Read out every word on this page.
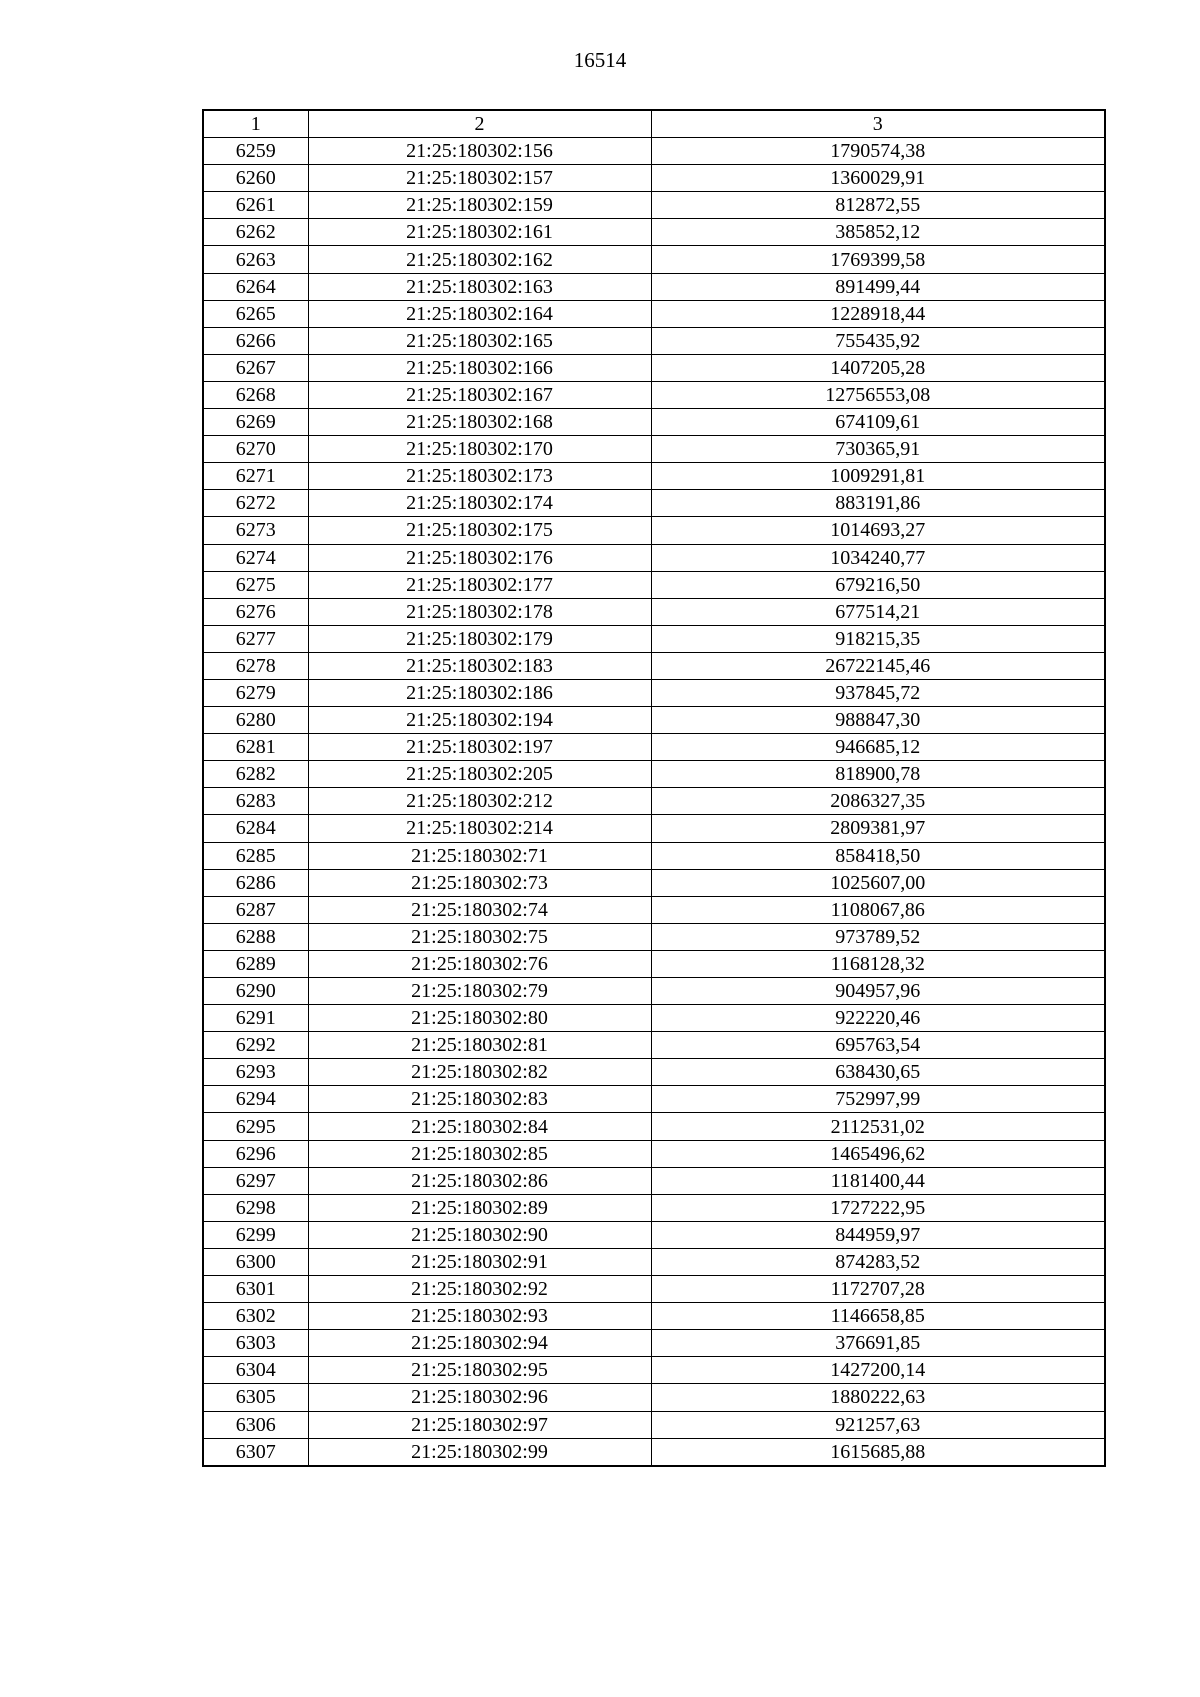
16514
1	2	3
6259	21:25:180302:156	1790574,38
6260	21:25:180302:157	1360029,91
6261	21:25:180302:159	812872,55
6262	21:25:180302:161	385852,12
6263	21:25:180302:162	1769399,58
6264	21:25:180302:163	891499,44
6265	21:25:180302:164	1228918,44
6266	21:25:180302:165	755435,92
6267	21:25:180302:166	1407205,28
6268	21:25:180302:167	12756553,08
6269	21:25:180302:168	674109,61
6270	21:25:180302:170	730365,91
6271	21:25:180302:173	1009291,81
6272	21:25:180302:174	883191,86
6273	21:25:180302:175	1014693,27
6274	21:25:180302:176	1034240,77
6275	21:25:180302:177	679216,50
6276	21:25:180302:178	677514,21
6277	21:25:180302:179	918215,35
6278	21:25:180302:183	26722145,46
6279	21:25:180302:186	937845,72
6280	21:25:180302:194	988847,30
6281	21:25:180302:197	946685,12
6282	21:25:180302:205	818900,78
6283	21:25:180302:212	2086327,35
6284	21:25:180302:214	2809381,97
6285	21:25:180302:71	858418,50
6286	21:25:180302:73	1025607,00
6287	21:25:180302:74	1108067,86
6288	21:25:180302:75	973789,52
6289	21:25:180302:76	1168128,32
6290	21:25:180302:79	904957,96
6291	21:25:180302:80	922220,46
6292	21:25:180302:81	695763,54
6293	21:25:180302:82	638430,65
6294	21:25:180302:83	752997,99
6295	21:25:180302:84	2112531,02
6296	21:25:180302:85	1465496,62
6297	21:25:180302:86	1181400,44
6298	21:25:180302:89	1727222,95
6299	21:25:180302:90	844959,97
6300	21:25:180302:91	874283,52
6301	21:25:180302:92	1172707,28
6302	21:25:180302:93	1146658,85
6303	21:25:180302:94	376691,85
6304	21:25:180302:95	1427200,14
6305	21:25:180302:96	1880222,63
6306	21:25:180302:97	921257,63
6307	21:25:180302:99	1615685,88
